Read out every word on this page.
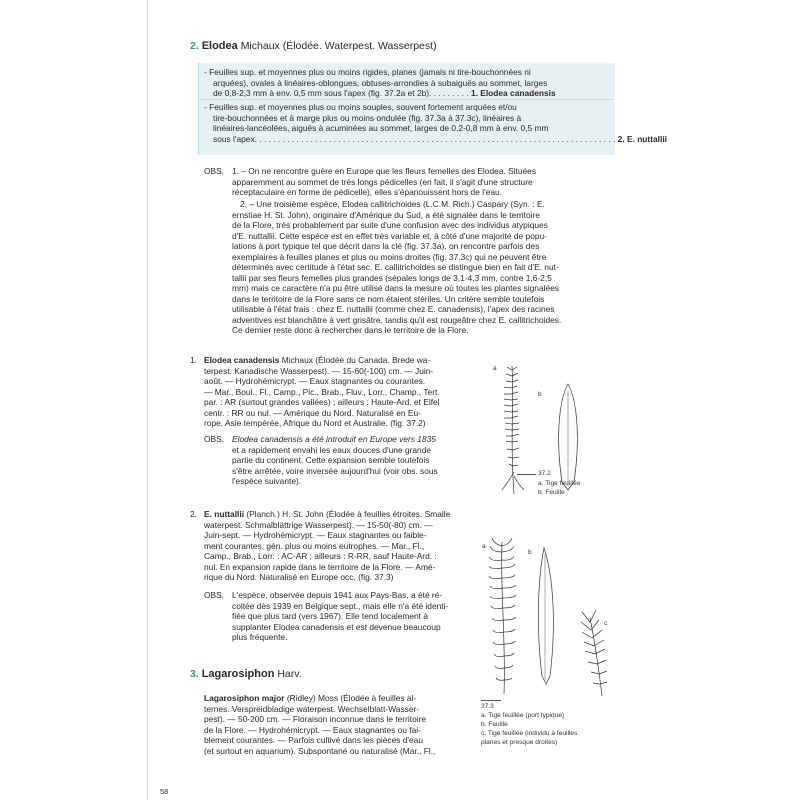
2. Elodea Michaux (Élodée. Waterpest. Wasserpest)
- Feuilles sup. et moyennes plus ou moins rigides, planes (jamais ni tire-bouchonnées ni
arquées), ovales à linéaires-oblongues, obtuses-arrondies à subaiguës au sommet, larges
de 0,8-2,3 mm à env. 0,5 mm sous l'apex (fig. 37.2a et 2b). . . . . . . . . 1. Elodea canadensis
- Feuilles sup. et moyennes plus ou moins souples, souvent fortement arquées et/ou
tire-bouchonnées et à marge plus ou moins ondulée (fig. 37.3a à 37.3c), linéaires à
linéaires-lancéolées, aiguës à acuminées au sommet, larges de 0,2-0,8 mm à env. 0,5 mm
sous l'apex. . . . . . . . . . . . . . . . . . . . . . . . . . . . . . . . . . . . . . . . . . . . . . . . . . . . . . . . . . . . . . . . . . . . . . . . . . . . . . 2. E. nuttallii
OBS. 1. – On ne rencontre guère en Europe que les fleurs femelles des Elodea. Situées
apparemment au sommet de très longs pédicelles (en fait, il s'agit d'une structure
réceptaculaire en forme de pédicelle), elles s'épanouissent hors de l'eau.
2. – Une troisième espèce, Elodea callitrichoides (L.C.M. Rich.) Caspary (Syn. : E.
ernstiae H. St. John), originaire d'Amérique du Sud, a été signalée dans le territoire
de la Flore, très probablement par suite d'une confusion avec des individus atypiques
d'E. nuttallii. Cette espèce est en effet très variable et, à côté d'une majorité de popu-
lations à port typique tel que décrit dans la clé (fig. 37.3a), on rencontre parfois des
exemplaires à feuilles planes et plus ou moins droites (fig. 37.3c) qui ne peuvent être
déterminés avec certitude à l'état sec. E. callitrichoides se distingue bien en fait d'E. nut-
tallii par ses fleurs femelles plus grandes (sépales longs de 3,1-4,3 mm, contre 1,6-2,5
mm) mais ce caractère n'a pu être utilisé dans la mesure où toutes les plantes signalées
dans le territoire de la Flore sans ce nom étaient stériles. Un critère semble toutefois
utilisable à l'état frais : chez E. nuttallii (comme chez E. canadensis), l'apex des racines
adventives est blanchâtre à vert grisâtre, tandis qu'il est rougeâtre chez E. callitrichoides.
Ce dernier reste donc à rechercher dans le territoire de la Flore.
1. Elodea canadensis Michaux (Élodée du Canada. Brede wa-
terpest. Kanadische Wasserpest). — 15-60(-100) cm. — Juin-
août. — Hydrohémicrypt. — Eaux stagnantes ou courantes.
— Mar., Boul., Fl., Camp., Pic., Brab., Fluv., Lorr., Champ., Tert.
par. : AR (surtout grandes vallées) ; ailleurs : Haute-Ard. et Eifel
centr. : RR ou nul. — Amérique du Nord. Naturalisé en Eu-
rope, Asie tempérée, Afrique du Nord et Australie. (fig. 37.2)
OBS. Elodea canadensis a été introduit en Europe vers 1835
et a rapidement envahi les eaux douces d'une grande
partie du continent. Cette expansion semble toutefois
s'être arrêtée, voire inversée aujourd'hui (voir obs. sous
l'espèce suivante).
2. E. nuttallii (Planch.) H. St. John (Élodée à feuilles étroites. Smalle
waterpest. Schmalblättrige Wasserpest). — 15-50(-80) cm. —
Juin-sept. — Hydrohémicrypt. — Eaux stagnantes ou faible-
ment courantes, gén. plus ou moins eutrophes. — Mar., Fl.,
Camp., Brab., Lorr. : AC-AR ; ailleurs : R-RR, sauf Haute-Ard. :
nul. En expansion rapide dans le territoire de la Flore. — Amé-
rique du Nord. Naturalisé en Europe occ. (fig. 37.3)
OBS. L'espèce, observée depuis 1941 aux Pays-Bas, a été ré-
coltée dès 1939 en Belgique sept., mais elle n'a été identi-
fiée que plus tard (vers 1967). Elle tend localement à
supplanter Elodea canadensis et est devenue beaucoup
plus fréquente.
3. Lagarosiphon Harv.
Lagarosiphon major (Ridley) Moss (Élodée à feuilles al-
ternes. Verspreidbladige waterpest. Wechselblatt-Wasser-
pest). — 50-200 cm. — Floraison inconnue dans le territoire
de la Flore. — Hydrohémicrypt. — Eaux stagnantes ou fai-
blement courantes. — Parfois cultivé dans les pièces d'eau
(et surtout en aquarium). Subspontané ou naturalisé (Mar., Fl.,
a
b
37.2
a. Tige feuillée
b. Feuille
a
b
c
37.3
a. Tige feuillée (port typique)
b. Feuille
c. Tige feuillée (individu à feuilles
planes et presque droites)
58
